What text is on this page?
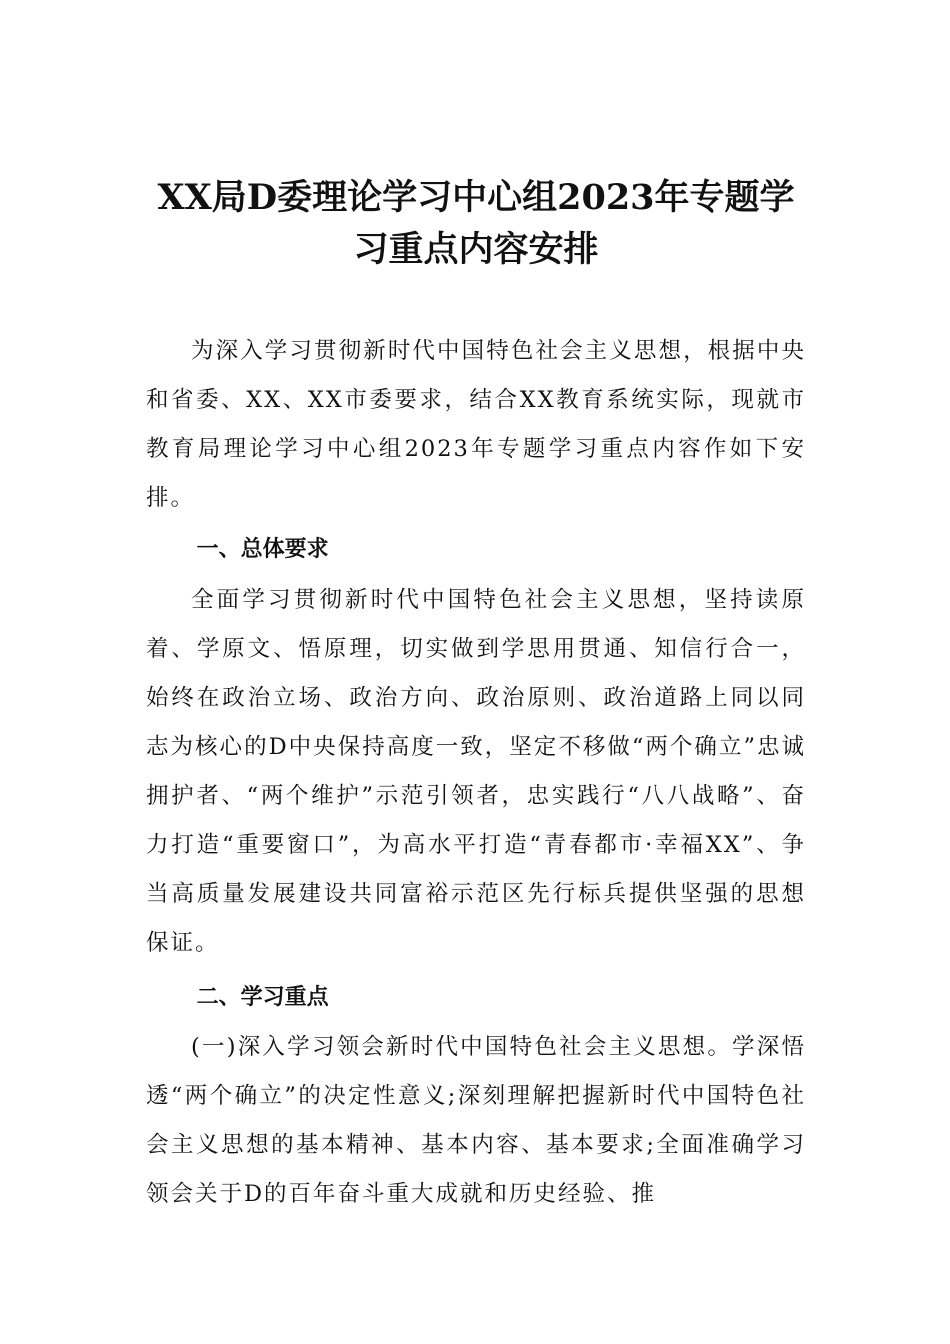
XX局D委理论学习中心组2023年专题学习重点内容安排

为深入学习贯彻新时代中国特色社会主义思想，根据中央和省委、XX、XX市委要求，结合XX教育系统实际，现就市教育局理论学习中心组2023年专题学习重点内容作如下安排。

一、总体要求

全面学习贯彻新时代中国特色社会主义思想，坚持读原着、学原文、悟原理，切实做到学思用贯通、知信行合一，始终在政治立场、政治方向、政治原则、政治道路上同以同志为核心的D中央保持高度一致，坚定不移做“两个确立”忠诚拥护者、“两个维护”示范引领者，忠实践行“八八战略”、奋力打造“重要窗口”，为高水平打造“青春都市·幸福XX”、争当高质量发展建设共同富裕示范区先行标兵提供坚强的思想保证。

二、学习重点

(一)深入学习领会新时代中国特色社会主义思想。学深悟透“两个确立”的决定性意义;深刻理解把握新时代中国特色社会主义思想的基本精神、基本内容、基本要求;全面准确学习领会关于D的百年奋斗重大成就和历史经验、推
